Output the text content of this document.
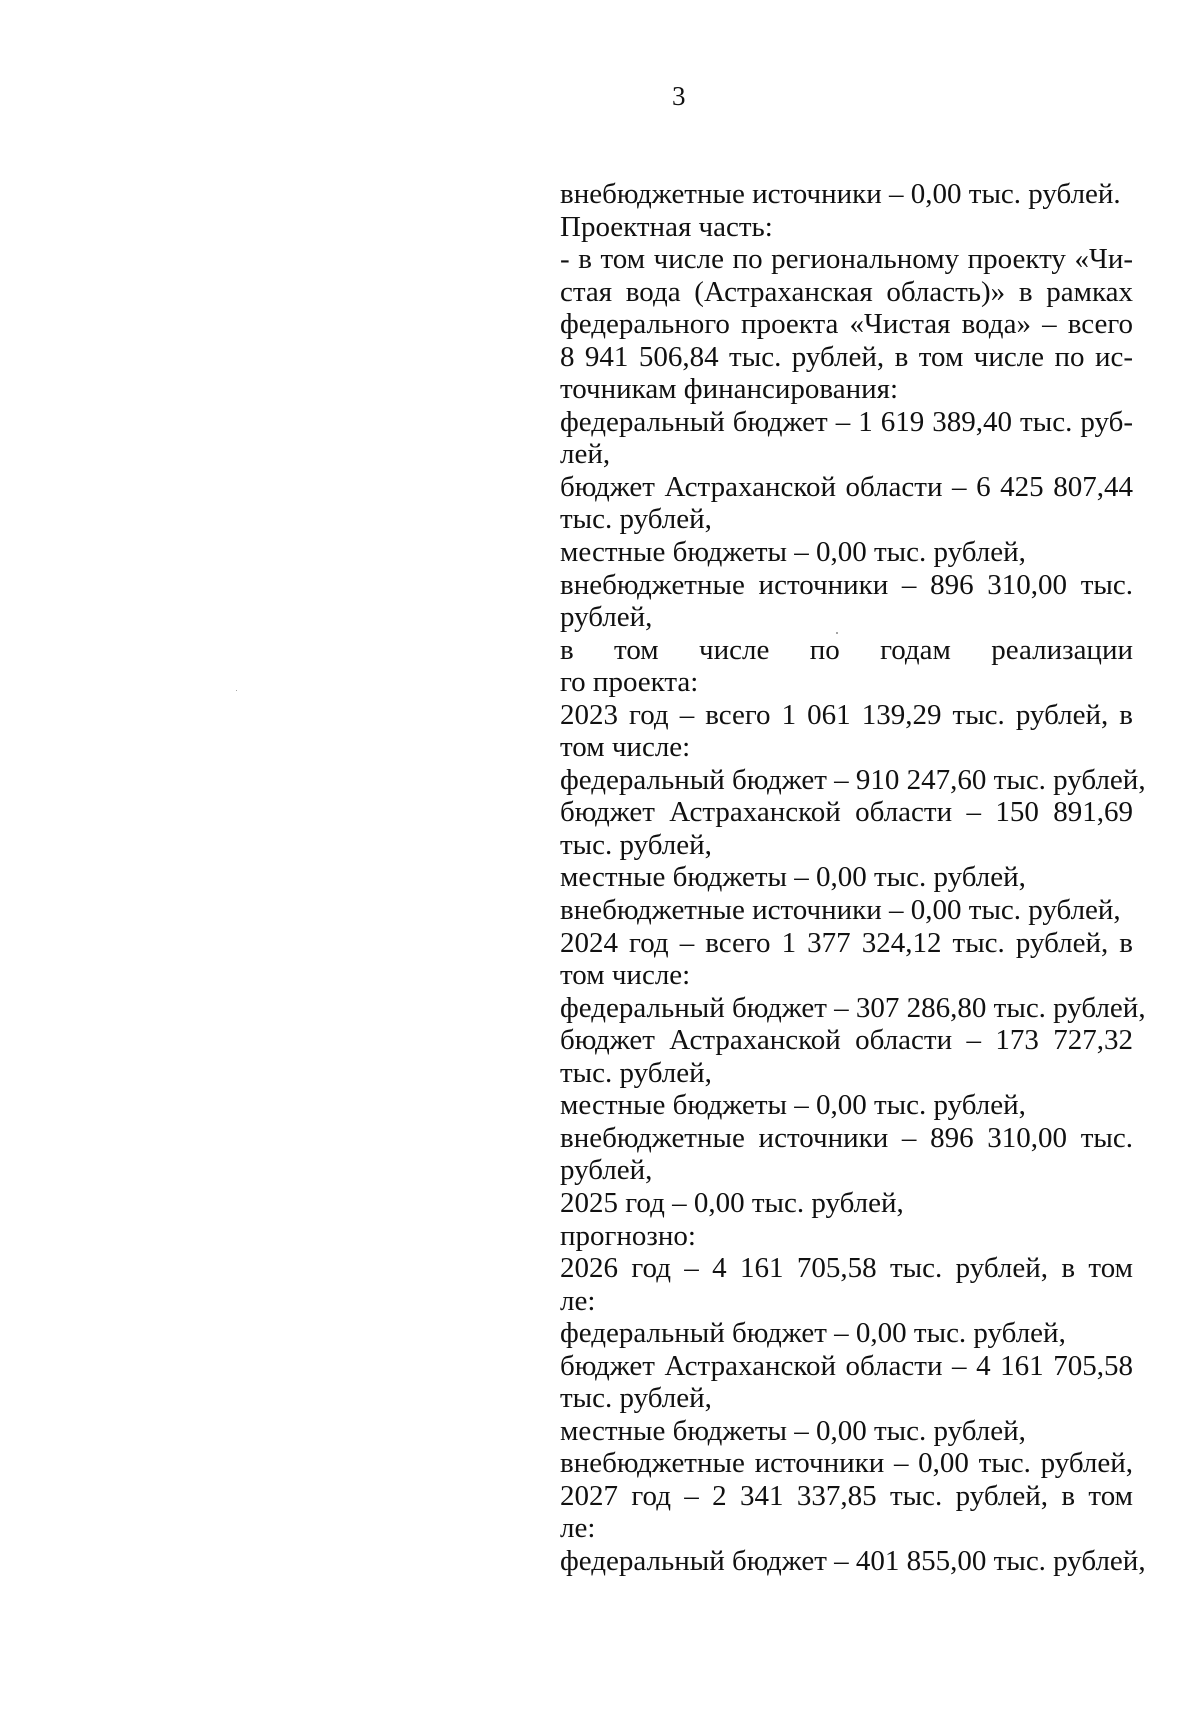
3
внебюджетные источники – 0,00 тыс. рублей.
Проектная часть:
- в том числе по региональному проекту «Чи-
стая вода (Астраханская область)» в рамках
федерального проекта «Чистая вода» – всего
8 941 506,84 тыс. рублей, в том числе по ис-
точникам финансирования:
федеральный бюджет – 1 619 389,40 тыс. руб-
лей,
бюджет Астраханской области – 6 425 807,44
тыс. рублей,
местные бюджеты – 0,00 тыс. рублей,
внебюджетные источники – 896 310,00 тыс.
рублей,
в том числе по годам реализации
го проекта:
2023 год – всего 1 061 139,29 тыс. рублей, в
том числе:
федеральный бюджет – 910 247,60 тыс. рублей,
бюджет Астраханской области – 150 891,69
тыс. рублей,
местные бюджеты – 0,00 тыс. рублей,
внебюджетные источники – 0,00 тыс. рублей,
2024 год – всего 1 377 324,12 тыс. рублей, в
том числе:
федеральный бюджет – 307 286,80 тыс. рублей,
бюджет Астраханской области – 173 727,32
тыс. рублей,
местные бюджеты – 0,00 тыс. рублей,
внебюджетные источники – 896 310,00 тыс.
рублей,
2025 год – 0,00 тыс. рублей,
прогнозно:
2026 год – 4 161 705,58 тыс. рублей, в том
ле:
федеральный бюджет – 0,00 тыс. рублей,
бюджет Астраханской области – 4 161 705,58
тыс. рублей,
местные бюджеты – 0,00 тыс. рублей,
внебюджетные источники – 0,00 тыс. рублей,
2027 год – 2 341 337,85 тыс. рублей, в том
ле:
федеральный бюджет – 401 855,00 тыс. рублей,
